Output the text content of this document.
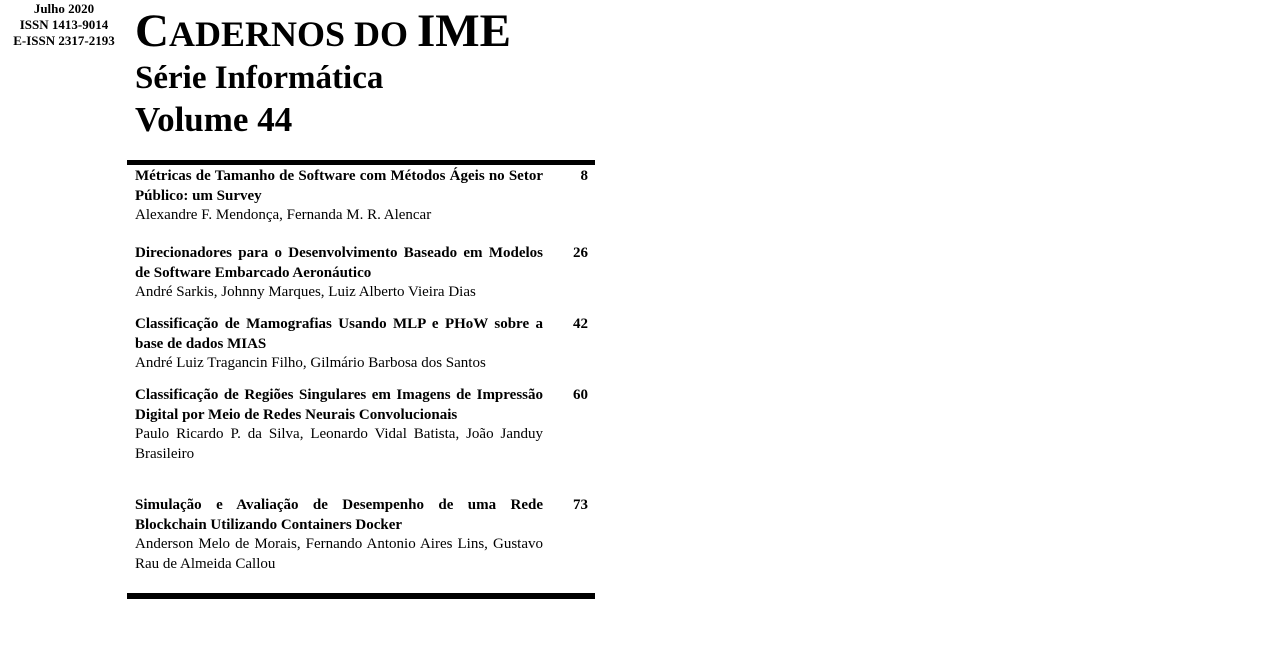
Julho 2020
ISSN 1413-9014
E-ISSN 2317-2193 CADERNOS DO IME
Série Informática
Volume 44
Métricas de Tamanho de Software com Métodos Ágeis no Setor Público: um Survey
Alexandre F. Mendonça, Fernanda M. R. Alencar
8
Direcionadores para o Desenvolvimento Baseado em Modelos de Software Embarcado Aeronáutico
André Sarkis, Johnny Marques, Luiz Alberto Vieira Dias
26
Classificação de Mamografias Usando MLP e PHoW sobre a base de dados MIAS
André Luiz Tragancin Filho, Gilmário Barbosa dos Santos
42
Classificação de Regiões Singulares em Imagens de Impressão Digital por Meio de Redes Neurais Convolucionais
Paulo Ricardo P. da Silva, Leonardo Vidal Batista, João Janduy Brasileiro
60
Simulação e Avaliação de Desempenho de uma Rede Blockchain Utilizando Containers Docker
Anderson Melo de Morais, Fernando Antonio Aires Lins, Gustavo Rau de Almeida Callou
73
